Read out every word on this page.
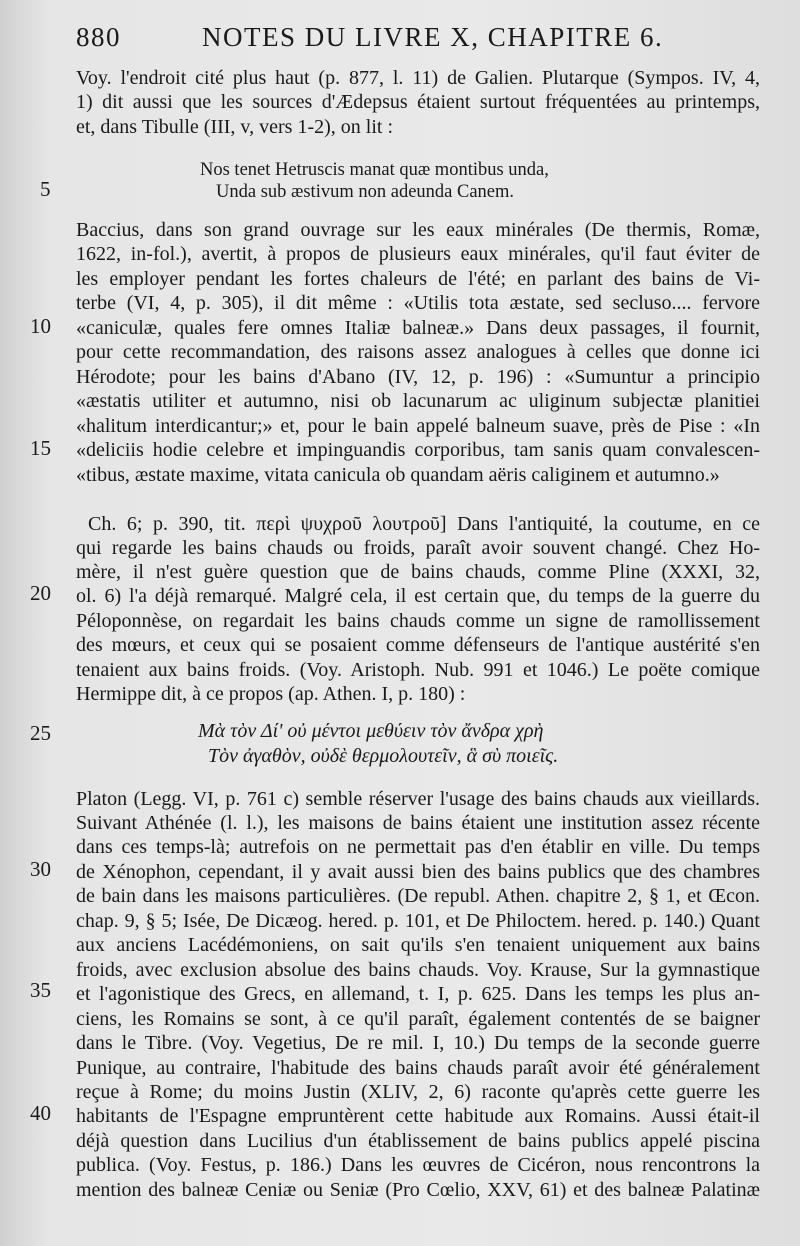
880	NOTES DU LIVRE X, CHAPITRE 6.
5
10
15
20
25
30
35
40
Voy. l'endroit cité plus haut (p. 877, l. 11) de Galien. Plutarque (Sympos. IV, 4,
1) dit aussi que les sources d'Ædepsus étaient surtout fréquentées au printemps,
et, dans Tibulle (III, v, vers 1-2), on lit :
Nos tenet Hetruscis manat quæ montibus unda,
Unda sub æstivum non adeunda Canem.
Baccius, dans son grand ouvrage sur les eaux minérales (De thermis, Romæ,
1622, in-fol.), avertit, à propos de plusieurs eaux minérales, qu'il faut éviter de
les employer pendant les fortes chaleurs de l'été; en parlant des bains de Vi-
terbe (VI, 4, p. 305), il dit même : «Utilis tota æstate, sed secluso.... fervore
«caniculæ, quales fere omnes Italiæ balneæ.» Dans deux passages, il fournit,
pour cette recommandation, des raisons assez analogues à celles que donne ici
Hérodote; pour les bains d'Abano (IV, 12, p. 196) : «Sumuntur a principio
«æstatis utiliter et autumno, nisi ob lacunarum ac uliginum subjectæ planitiei
«halitum interdicantur;» et, pour le bain appelé balneum suave, près de Pise : «In
«deliciis hodie celebre et impinguandis corporibus, tam sanis quam convalescen-
«tibus, æstate maxime, vitata canicula ob quandam aëris caliginem et autumno.»
Ch. 6; p. 390, tit. περὶ ψυχροῦ λουτροῦ] Dans l'antiquité, la coutume, en ce
qui regarde les bains chauds ou froids, paraît avoir souvent changé. Chez Ho-
mère, il n'est guère question que de bains chauds, comme Pline (XXXI, 32,
ol. 6) l'a déjà remarqué. Malgré cela, il est certain que, du temps de la guerre du
Péloponnèse, on regardait les bains chauds comme un signe de ramollissement
des mœurs, et ceux qui se posaient comme défenseurs de l'antique austérité s'en
tenaient aux bains froids. (Voy. Aristoph. Nub. 991 et 1046.) Le poëte comique
Hermippe dit, à ce propos (ap. Athen. I, p. 180) :
Μὰ τὸν Δί' οὐ μέντοι μεθύειν τὸν ἄνδρα χρὴ
Τὸν ἀγαθὸν, οὐδὲ θερμολουτεῖν, ἃ σὺ ποιεῖς.
Platon (Legg. VI, p. 761 c) semble réserver l'usage des bains chauds aux vieillards.
Suivant Athénée (l. l.), les maisons de bains étaient une institution assez récente
dans ces temps-là; autrefois on ne permettait pas d'en établir en ville. Du temps
de Xénophon, cependant, il y avait aussi bien des bains publics que des chambres
de bain dans les maisons particulières. (De republ. Athen. chapitre 2, § 1, et Œcon.
chap. 9, § 5; Isée, De Dicæog. hered. p. 101, et De Philoctem. hered. p. 140.) Quant
aux anciens Lacédémoniens, on sait qu'ils s'en tenaient uniquement aux bains
froids, avec exclusion absolue des bains chauds. Voy. Krause, Sur la gymnastique
et l'agonistique des Grecs, en allemand, t. I, p. 625. Dans les temps les plus an-
ciens, les Romains se sont, à ce qu'il paraît, également contentés de se baigner
dans le Tibre. (Voy. Vegetius, De re mil. I, 10.) Du temps de la seconde guerre
Punique, au contraire, l'habitude des bains chauds paraît avoir été généralement
reçue à Rome; du moins Justin (XLIV, 2, 6) raconte qu'après cette guerre les
habitants de l'Espagne empruntèrent cette habitude aux Romains. Aussi était-il
déjà question dans Lucilius d'un établissement de bains publics appelé piscina
publica. (Voy. Festus, p. 186.) Dans les œuvres de Cicéron, nous rencontrons la
mention des balneæ Ceniæ ou Seniæ (Pro Cœlio, XXV, 61) et des balneæ Palatinæ
